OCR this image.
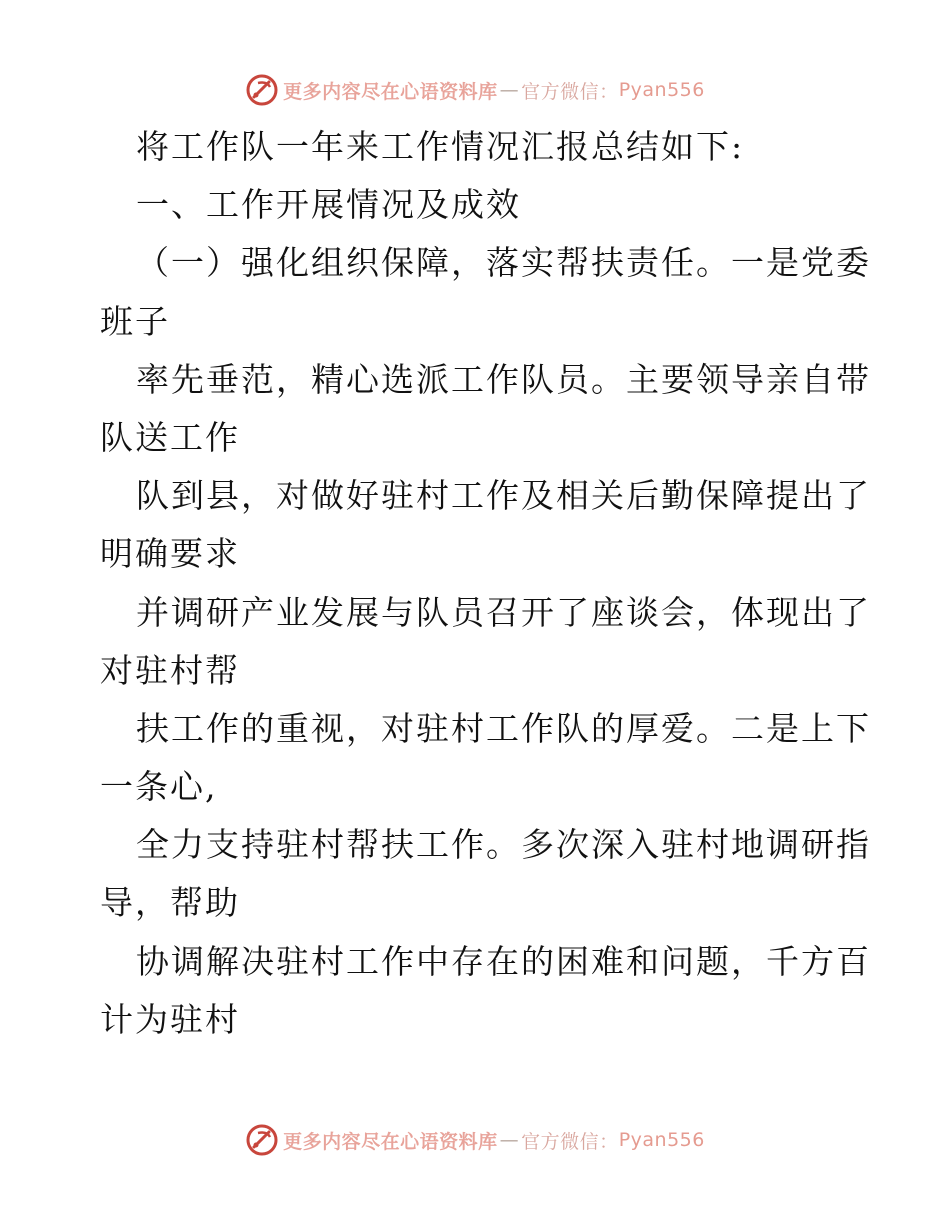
更多内容尽在心语资料库 — 官方微信： Pyan556
将工作队一年来工作情况汇报总结如下:
一、工作开展情况及成效
（一）强化组织保障，落实帮扶责任。一是党委
班子
率先垂范，精心选派工作队员。主要领导亲自带
队送工作
队到县，对做好驻村工作及相关后勤保障提出了
明确要求
并调研产业发展与队员召开了座谈会，体现出了
对驻村帮
扶工作的重视，对驻村工作队的厚爱。二是上下
一条心,
全力支持驻村帮扶工作。多次深入驻村地调研指
导，帮助
协调解决驻村工作中存在的困难和问题，千方百
计为驻村
更多内容尽在心语资料库 — 官方微信： Pyan556
